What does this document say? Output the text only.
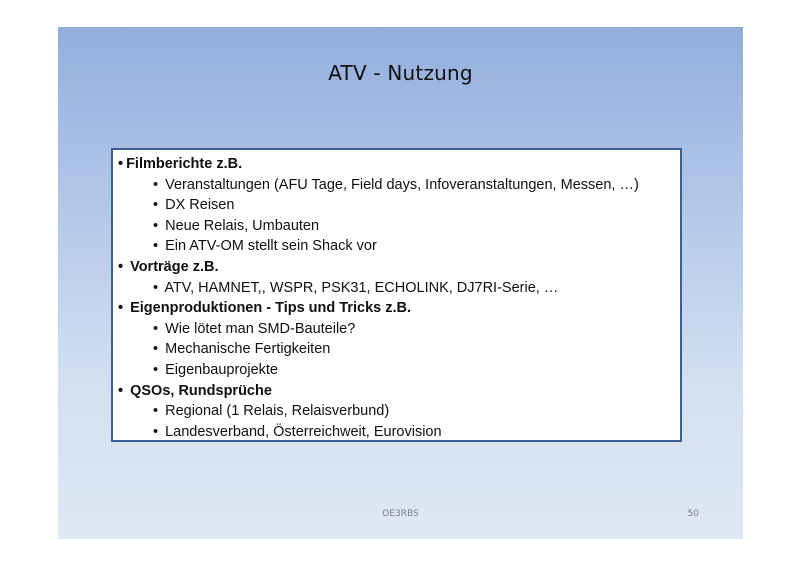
ATV - Nutzung
• Filmberichte z.B.
• Veranstaltungen (AFU Tage, Field days, Infoveranstaltungen, Messen, …)
• DX Reisen
• Neue Relais, Umbauten
• Ein ATV-OM stellt sein Shack vor
• Vorträge z.B.
• ATV, HAMNET,, WSPR, PSK31, ECHOLINK, DJ7RI-Serie, …
• Eigenproduktionen - Tips und Tricks z.B.
• Wie lötet man SMD-Bauteile?
• Mechanische Fertigkeiten
• Eigenbauprojekte
• QSOs, Rundsprüche
• Regional (1 Relais, Relaisverbund)
• Landesverband, Österreichweit, Eurovision
OE3RBS	50
